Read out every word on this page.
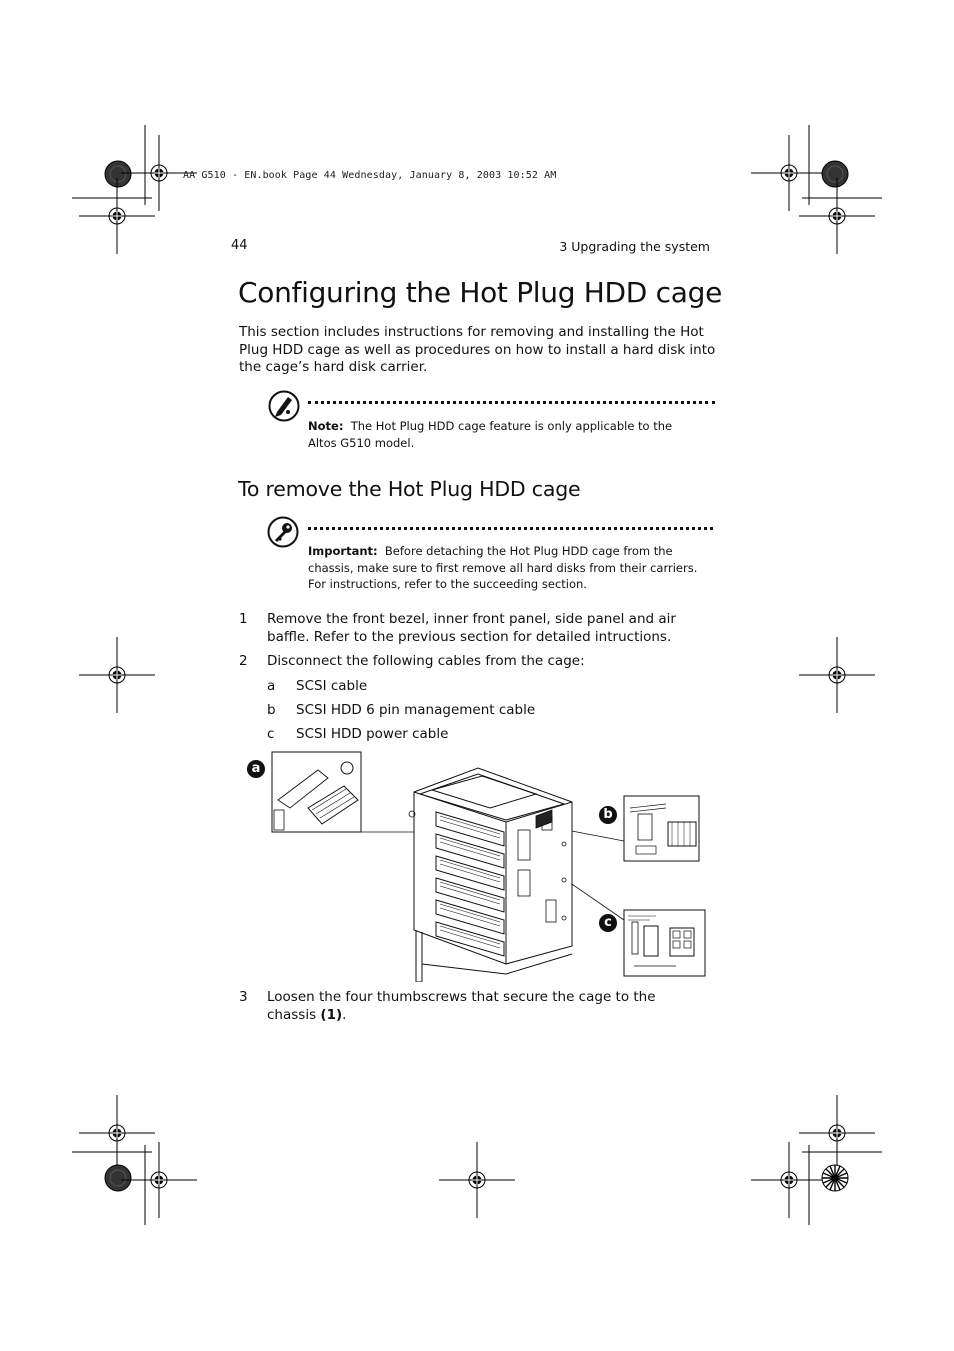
AA G510 - EN.book Page 44 Wednesday, January 8, 2003 10:52 AM
44	3 Upgrading the system
Configuring the Hot Plug HDD cage

This section includes instructions for removing and installing the Hot Plug HDD cage as well as procedures on how to install a hard disk into the cage’s hard disk carrier.

Note: The Hot Plug HDD cage feature is only applicable to the Altos G510 model.
To remove the Hot Plug HDD cage
Important: Before detaching the Hot Plug HDD cage from the chassis, make sure to first remove all hard disks from their carriers. For instructions, refer to the succeeding section.
1 Remove the front bezel, inner front panel, side panel and air baffle. Refer to the previous section for detailed intructions.
2 Disconnect the following cables from the cage:
a SCSI cable
b SCSI HDD 6 pin management cable
c SCSI HDD power cable
a
b
c
3 Loosen the four thumbscrews that secure the cage to the chassis (1).
